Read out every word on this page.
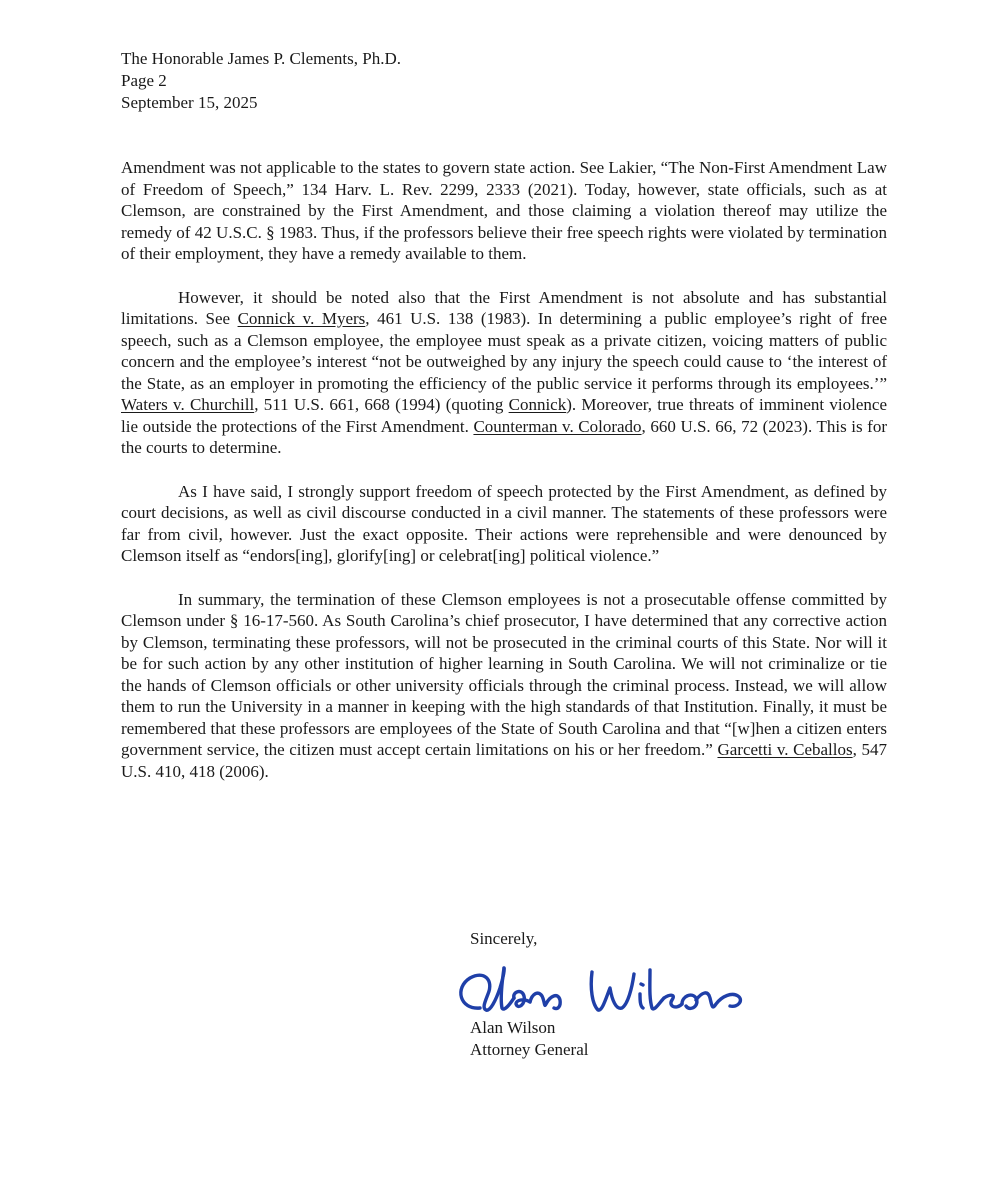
The Honorable James P. Clements, Ph.D.
Page 2
September 15, 2025

Amendment was not applicable to the states to govern state action. See Lakier, “The Non-First Amendment Law of Freedom of Speech,” 134 Harv. L. Rev. 2299, 2333 (2021). Today, however, state officials, such as at Clemson, are constrained by the First Amendment, and those claiming a violation thereof may utilize the remedy of 42 U.S.C. § 1983. Thus, if the professors believe their free speech rights were violated by termination of their employment, they have a remedy available to them.

However, it should be noted also that the First Amendment is not absolute and has substantial limitations. See Connick v. Myers, 461 U.S. 138 (1983). In determining a public employee’s right of free speech, such as a Clemson employee, the employee must speak as a private citizen, voicing matters of public concern and the employee’s interest “not be outweighed by any injury the speech could cause to ‘the interest of the State, as an employer in promoting the efficiency of the public service it performs through its employees.’” Waters v. Churchill, 511 U.S. 661, 668 (1994) (quoting Connick). Moreover, true threats of imminent violence lie outside the protections of the First Amendment. Counterman v. Colorado, 660 U.S. 66, 72 (2023). This is for the courts to determine.

As I have said, I strongly support freedom of speech protected by the First Amendment, as defined by court decisions, as well as civil discourse conducted in a civil manner. The statements of these professors were far from civil, however. Just the exact opposite. Their actions were reprehensible and were denounced by Clemson itself as “endors[ing], glorify[ing] or celebrat[ing] political violence.”

In summary, the termination of these Clemson employees is not a prosecutable offense committed by Clemson under § 16-17-560. As South Carolina’s chief prosecutor, I have determined that any corrective action by Clemson, terminating these professors, will not be prosecuted in the criminal courts of this State. Nor will it be for such action by any other institution of higher learning in South Carolina. We will not criminalize or tie the hands of Clemson officials or other university officials through the criminal process. Instead, we will allow them to run the University in a manner in keeping with the high standards of that Institution. Finally, it must be remembered that these professors are employees of the State of South Carolina and that “[w]hen a citizen enters government service, the citizen must accept certain limitations on his or her freedom.” Garcetti v. Ceballos, 547 U.S. 410, 418 (2006).

Sincerely,
Alan Wilson
Attorney General
